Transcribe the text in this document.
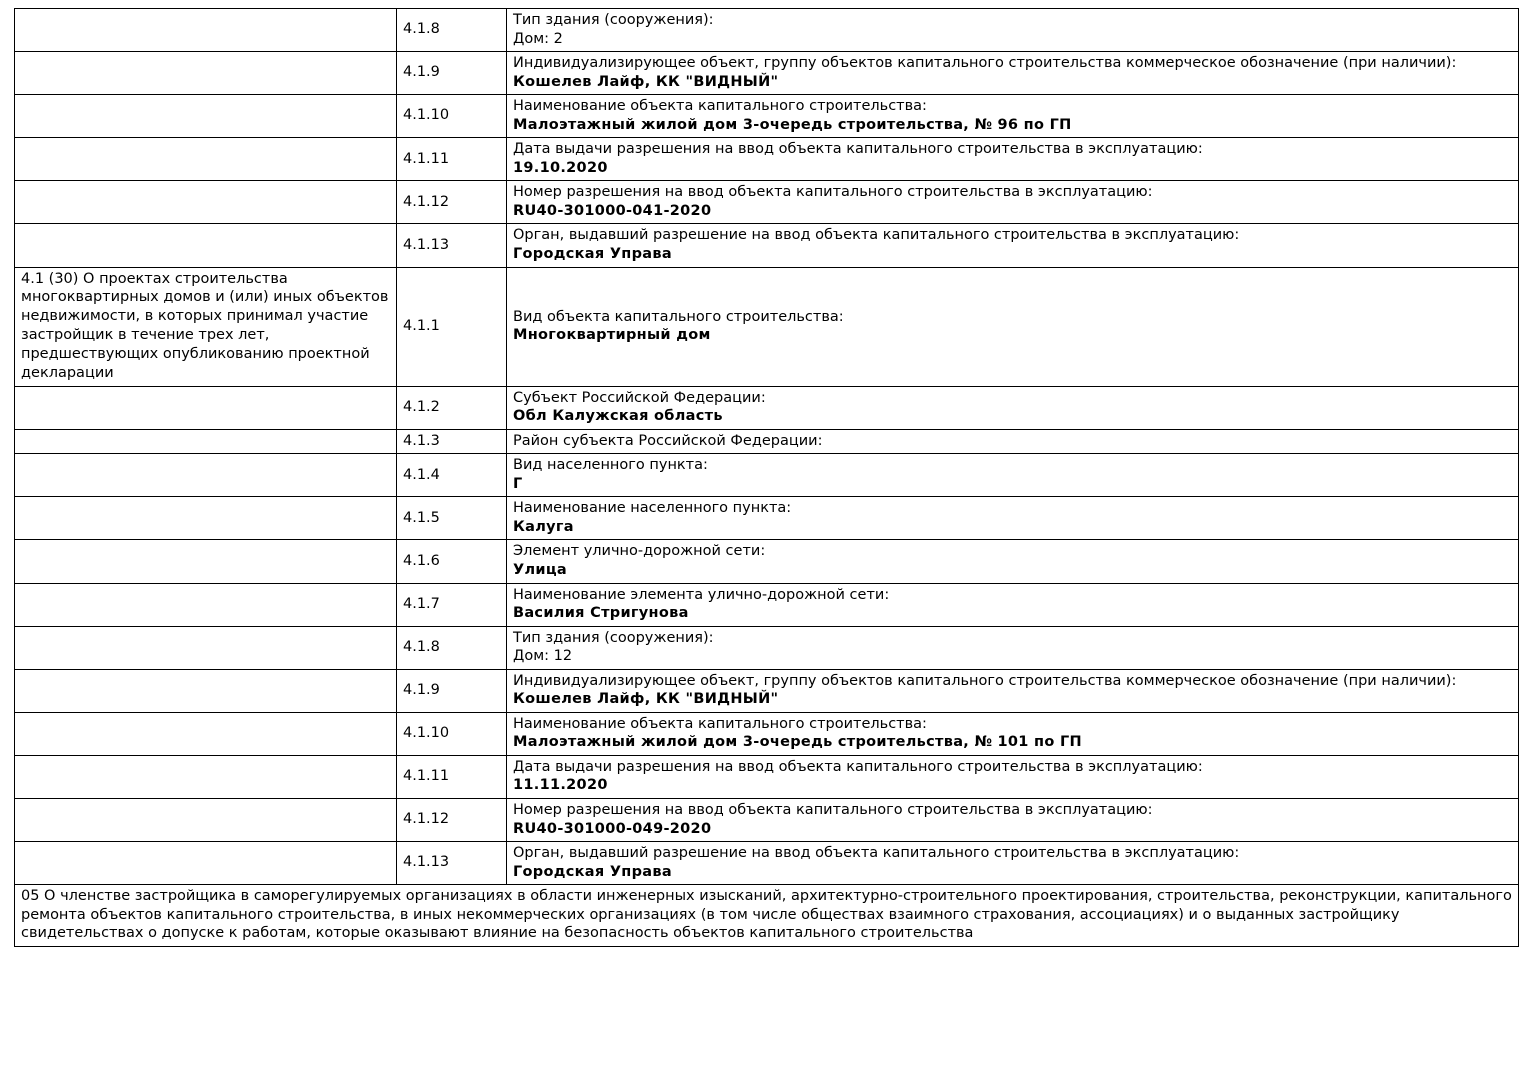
	4.1.8	Тип здания (сооружения):
Дом: 2

	4.1.9	Индивидуализирующее объект, группу объектов капитального строительства коммерческое обозначение (при наличии):
Кошелев Лайф, КК "ВИДНЫЙ"

	4.1.10	Наименование объекта капитального строительства:
Малоэтажный жилой дом 3-очередь строительства, № 96 по ГП

	4.1.11	Дата выдачи разрешения на ввод объекта капитального строительства в эксплуатацию:
19.10.2020

	4.1.12	Номер разрешения на ввод объекта капитального строительства в эксплуатацию:
RU40-301000-041-2020

	4.1.13	Орган, выдавший разрешение на ввод объекта капитального строительства в эксплуатацию:
Городская Управа

4.1 (30) О проектах строительства многоквартирных домов и (или) иных объектов недвижимости, в которых принимал участие застройщик в течение трех лет, предшествующих опубликованию проектной декларации	4.1.1	Вид объекта капитального строительства:
Многоквартирный дом

	4.1.2	Субъект Российской Федерации:
Обл Калужская область

	4.1.3	Район субъекта Российской Федерации:

	4.1.4	Вид населенного пункта:
Г

	4.1.5	Наименование населенного пункта:
Калуга

	4.1.6	Элемент улично-дорожной сети:
Улица

	4.1.7	Наименование элемента улично-дорожной сети:
Василия Стригунова

	4.1.8	Тип здания (сооружения):
Дом: 12

	4.1.9	Индивидуализирующее объект, группу объектов капитального строительства коммерческое обозначение (при наличии):
Кошелев Лайф, КК "ВИДНЫЙ"

	4.1.10	Наименование объекта капитального строительства:
Малоэтажный жилой дом 3-очередь строительства, № 101 по ГП

	4.1.11	Дата выдачи разрешения на ввод объекта капитального строительства в эксплуатацию:
11.11.2020

	4.1.12	Номер разрешения на ввод объекта капитального строительства в эксплуатацию:
RU40-301000-049-2020

	4.1.13	Орган, выдавший разрешение на ввод объекта капитального строительства в эксплуатацию:
Городская Управа

05 О членстве застройщика в саморегулируемых организациях в области инженерных изысканий, архитектурно-строительного проектирования, строительства, реконструкции, капитального ремонта объектов капитального строительства, в иных некоммерческих организациях (в том числе обществах взаимного страхования, ассоциациях) и о выданных застройщику свидетельствах о допуске к работам, которые оказывают влияние на безопасность объектов капитального строительства		
